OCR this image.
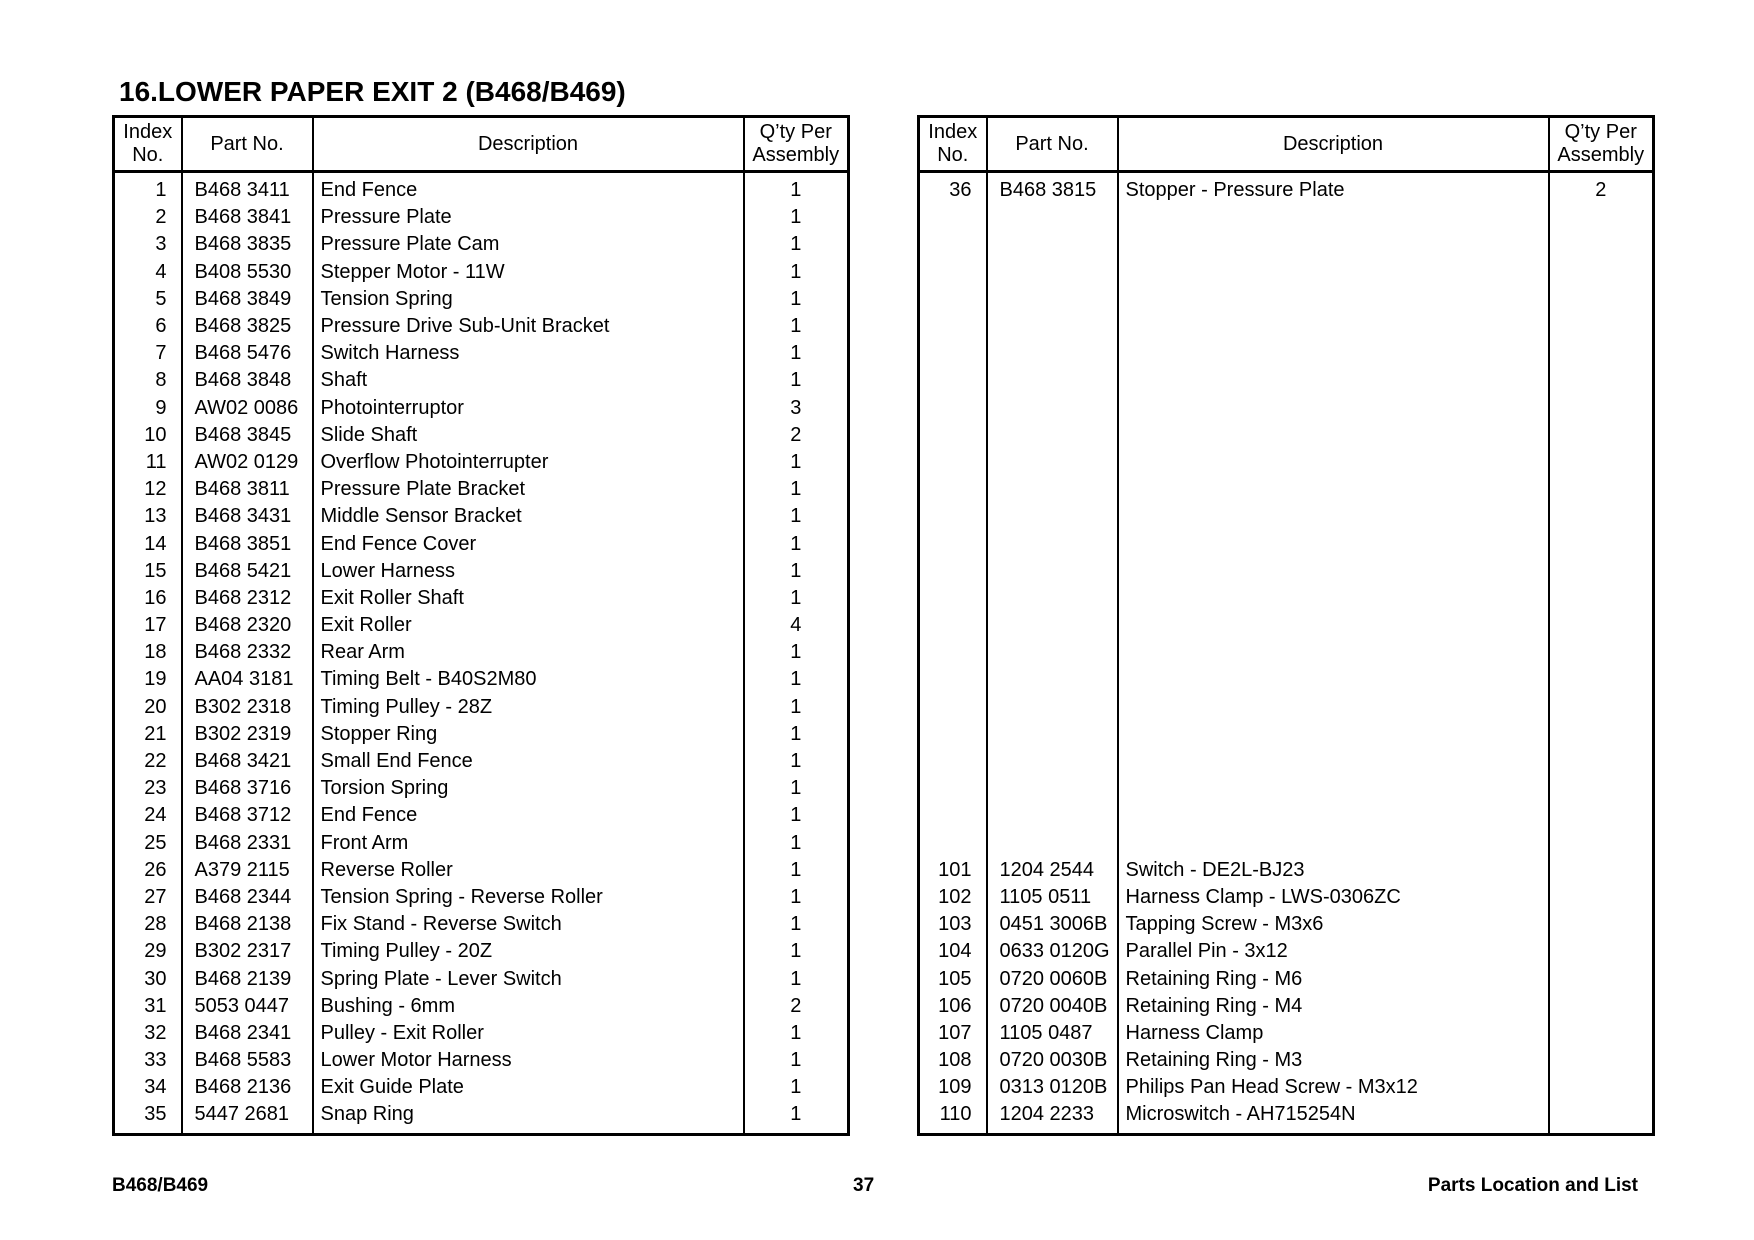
16.LOWER PAPER EXIT 2 (B468/B469)
Index No.	Part No.	Description	Q’ty Per Assembly
1	B468 3411	End Fence	1
2	B468 3841	Pressure Plate	1
3	B468 3835	Pressure Plate Cam	1
4	B408 5530	Stepper Motor - 11W	1
5	B468 3849	Tension Spring	1
6	B468 3825	Pressure Drive Sub-Unit Bracket	1
7	B468 5476	Switch Harness	1
8	B468 3848	Shaft	1
9	AW02 0086	Photointerruptor	3
10	B468 3845	Slide Shaft	2
11	AW02 0129	Overflow Photointerrupter	1
12	B468 3811	Pressure Plate Bracket	1
13	B468 3431	Middle Sensor Bracket	1
14	B468 3851	End Fence Cover	1
15	B468 5421	Lower Harness	1
16	B468 2312	Exit Roller Shaft	1
17	B468 2320	Exit Roller	4
18	B468 2332	Rear Arm	1
19	AA04 3181	Timing Belt - B40S2M80	1
20	B302 2318	Timing Pulley - 28Z	1
21	B302 2319	Stopper Ring	1
22	B468 3421	Small End Fence	1
23	B468 3716	Torsion Spring	1
24	B468 3712	End Fence	1
25	B468 2331	Front Arm	1
26	A379 2115	Reverse Roller	1
27	B468 2344	Tension Spring - Reverse Roller	1
28	B468 2138	Fix Stand - Reverse Switch	1
29	B302 2317	Timing Pulley - 20Z	1
30	B468 2139	Spring Plate - Lever Switch	1
31	5053 0447	Bushing - 6mm	2
32	B468 2341	Pulley - Exit Roller	1
33	B468 5583	Lower Motor Harness	1
34	B468 2136	Exit Guide Plate	1
35	5447 2681	Snap Ring	1
Index No.	Part No.	Description	Q’ty Per Assembly
36	B468 3815	Stopper - Pressure Plate	2

101	1204 2544	Switch - DE2L-BJ23	
102	1105 0511	Harness Clamp - LWS-0306ZC	
103	0451 3006B	Tapping Screw - M3x6	
104	0633 0120G	Parallel Pin - 3x12	
105	0720 0060B	Retaining Ring - M6	
106	0720 0040B	Retaining Ring - M4	
107	1105 0487	Harness Clamp	
108	0720 0030B	Retaining Ring - M3	
109	0313 0120B	Philips Pan Head Screw - M3x12	
110	1204 2233	Microswitch - AH715254N	
B468/B469	37	Parts Location and List
